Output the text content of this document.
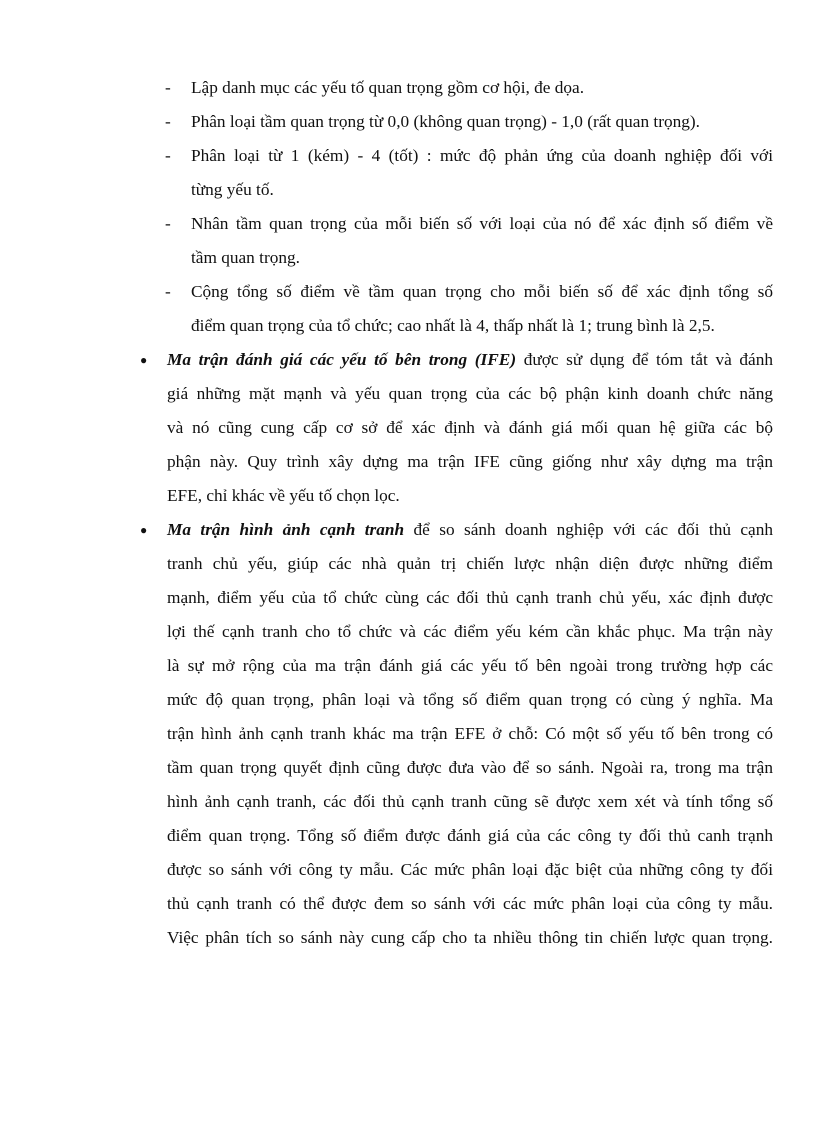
- Lập danh mục các yếu tố quan trọng gồm cơ hội, đe dọa.
- Phân loại tầm quan trọng từ 0,0 (không quan trọng) - 1,0 (rất quan trọng).
- Phân loại từ 1 (kém) - 4 (tốt) : mức độ phản ứng của doanh nghiệp đối với
từng yếu tố.
- Nhân tầm quan trọng của mỗi biến số với loại của nó để xác định số điểm về
tầm quan trọng.
- Cộng tổng số điểm về tầm quan trọng cho mỗi biến số để xác định tổng số
điểm quan trọng của tổ chức; cao nhất là 4, thấp nhất là 1; trung bình là 2,5.
● Ma trận đánh giá các yếu tố bên trong (IFE) được sử dụng để tóm tắt và đánh
giá những mặt mạnh và yếu quan trọng của các bộ phận kinh doanh chức năng
và nó cũng cung cấp cơ sở để xác định và đánh giá mối quan hệ giữa các bộ
phận này. Quy trình xây dựng ma trận IFE cũng giống như xây dựng ma trận
EFE, chỉ khác về yếu tố chọn lọc.
● Ma trận hình ảnh cạnh tranh để so sánh doanh nghiệp với các đối thủ cạnh
tranh chủ yếu, giúp các nhà quản trị chiến lược nhận diện được những điểm
mạnh, điểm yếu của tổ chức cùng các đối thủ cạnh tranh chủ yếu, xác định được
lợi thế cạnh tranh cho tổ chức và các điểm yếu kém cần khắc phục. Ma trận này
là sự mở rộng của ma trận đánh giá các yếu tố bên ngoài trong trường hợp các
mức độ quan trọng, phân loại và tổng số điểm quan trọng có cùng ý nghĩa. Ma
trận hình ảnh cạnh tranh khác ma trận EFE ở chỗ: Có một số yếu tố bên trong có
tầm quan trọng quyết định cũng được đưa vào để so sánh. Ngoài ra, trong ma trận
hình ảnh cạnh tranh, các đối thủ cạnh tranh cũng sẽ được xem xét và tính tổng số
điểm quan trọng. Tổng số điểm được đánh giá của các công ty đối thủ canh trạnh
được so sánh với công ty mẫu. Các mức phân loại đặc biệt của những công ty đối
thủ cạnh tranh có thể được đem so sánh với các mức phân loại của công ty mẫu.
Việc phân tích so sánh này cung cấp cho ta nhiều thông tin chiến lược quan trọng.
